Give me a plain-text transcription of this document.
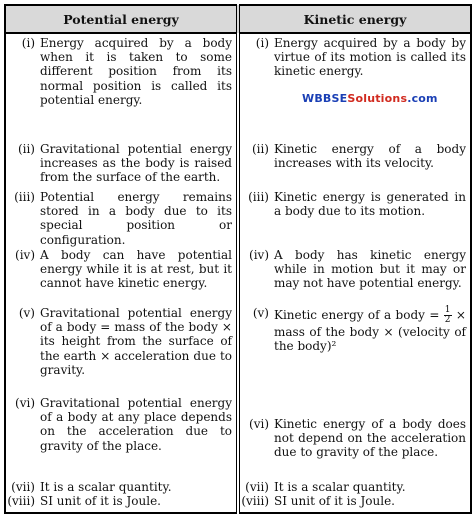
Potential energy	Kinetic energy

(i) Energy acquired by a body when it is taken to some different position from its normal position is called its potential energy.	(i) Energy acquired by a body by virtue of its motion is called its kinetic energy.

(ii) Gravitational potential energy increases as the body is raised from the surface of the earth.	(ii) Kinetic energy of a body increases with its velocity.

(iii) Potential energy remains stored in a body due to its special position or configuration.	(iii) Kinetic energy is generated in a body due to its motion.

(iv) A body can have potential energy while it is at rest, but it cannot have kinetic energy.	(iv) A body has kinetic energy while in motion but it may or may not have potential energy.

(v) Gravitational potential energy of a body = mass of the body × its height from the surface of the earth × acceleration due to gravity.	(v) Kinetic energy of a body = $\frac{1}{2}$ × mass of the body × (velocity of the body)²

(vi) Gravitational potential energy of a body at any place depends on the acceleration due to gravity of the place.	(vi) Kinetic energy of a body does not depend on the acceleration due to gravity of the place.

(vii) It is a scalar quantity.	(vii) It is a scalar quantity.

(viii) SI unit of it is Joule.	(viii) SI unit of it is Joule.
WBBSESolutions.com
